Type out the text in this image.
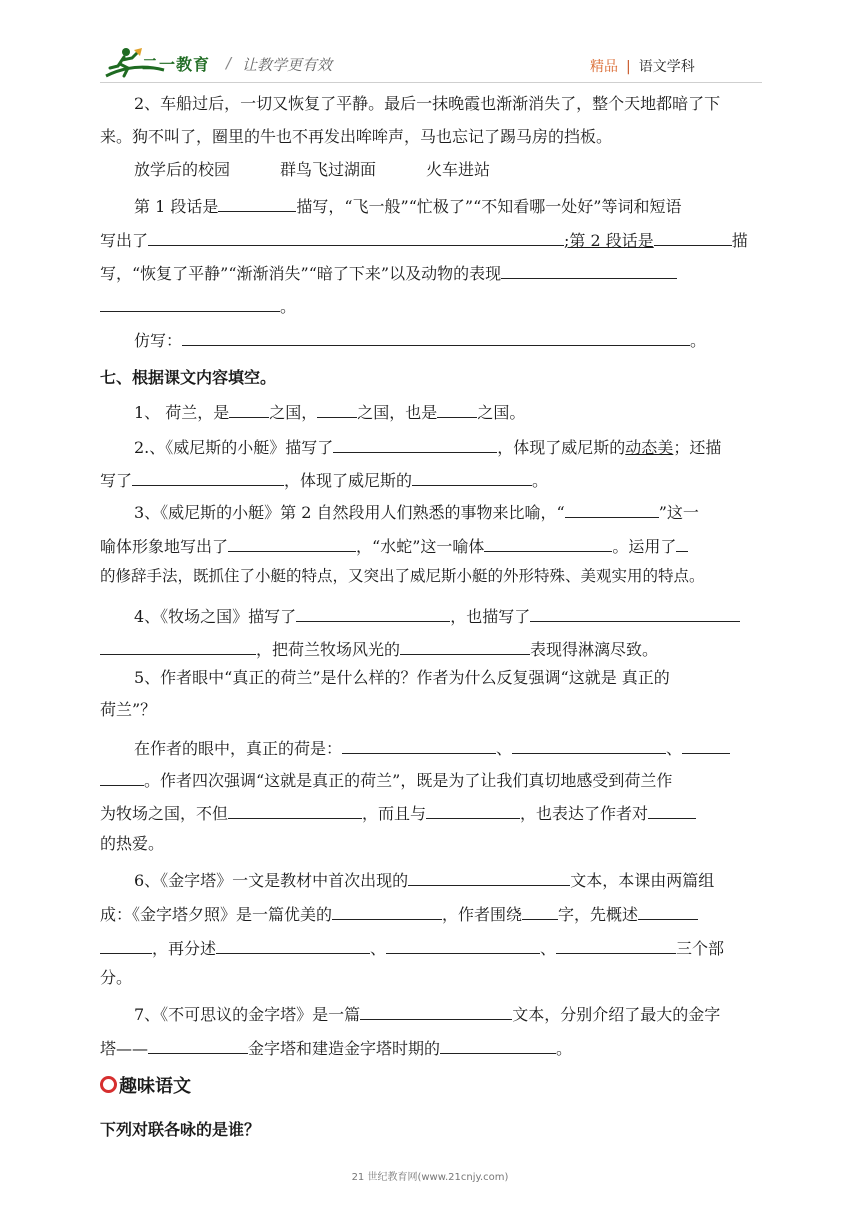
二一教育 / 让教学更有效	精品 | 语文学科
2、车船过后，一切又恢复了平静。最后一抹晚霞也渐渐消失了，整个天地都暗了下
来。狗不叫了，圈里的牛也不再发出哞哞声，马也忘记了踢马房的挡板。
放学后的校园	群鸟飞过湖面	火车进站
第 1 段话是	描写，“飞一般”“忙极了”“不知看哪一处好”等词和短语
写出了	;第 2 段话是	描
写，“恢复了平静”“渐渐消失”“暗了下来”以及动物的表现
。
仿写：	。
七、根据课文内容填空。
1、 荷兰，是	之国，	之国，也是	之国。
2.、《威尼斯的小艇》描写了	，体现了威尼斯的动态美；还描
写了	，体现了威尼斯的	。
3、《威尼斯的小艇》第 2 自然段用人们熟悉的事物来比喻，“	”这一
喻体形象地写出了	，“水蛇”这一喻体	。运用了
的修辞手法，既抓住了小艇的特点，又突出了威尼斯小艇的外形特殊、美观实用的特点。
4、《牧场之国》描写了	，也描写了
，把荷兰牧场风光的	表现得淋漓尽致。
5、作者眼中“真正的荷兰”是什么样的？作者为什么反复强调“这就是 真正的
荷兰”？
在作者的眼中，真正的荷是：	、	、
。作者四次强调“这就是真正的荷兰”，既是为了让我们真切地感受到荷兰作
为牧场之国，不但	，而且与	，也表达了作者对
的热爱。
6、《金字塔》一文是教材中首次出现的	文本，本课由两篇组
成：《金字塔夕照》是一篇优美的	，作者围绕 字，先概述
，再分述	、	、	三个部
分。
7、《不可思议的金字塔》是一篇	文本，分别介绍了最大的金字
塔——	金字塔和建造金字塔时期的	。
趣味语文
下列对联各咏的是谁？
21 世纪教育网(www.21cnjy.com)
